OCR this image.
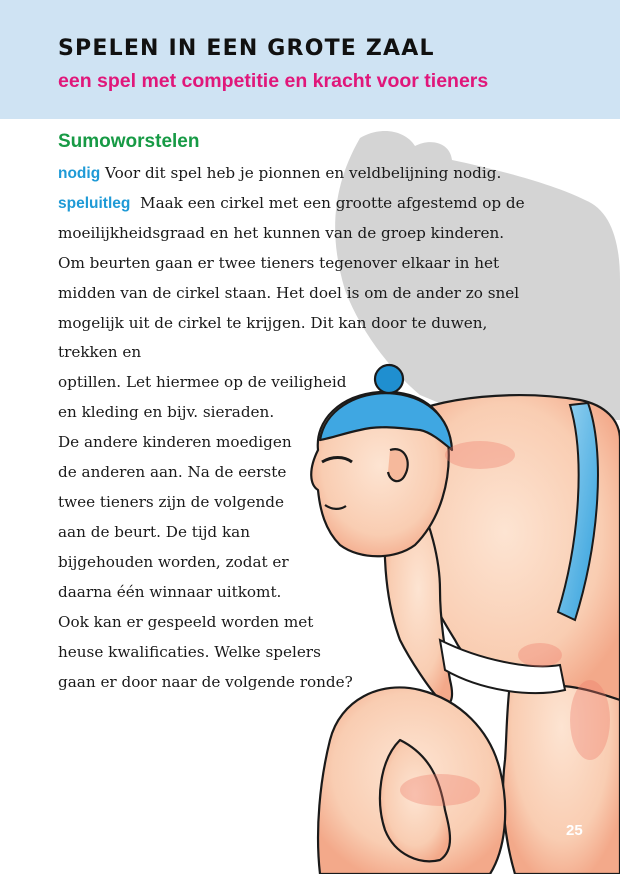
SPELEN IN EEN GROTE ZAAL
een spel met competitie en kracht voor tieners
Sumoworstelen
nodig Voor dit spel heb je pionnen en veldbelijning nodig.
speluitleg  Maak een cirkel met een grootte afgestemd op de
moeilijkheidsgraad en het kunnen van de groep kinderen.
Om beurten gaan er twee tieners tegenover elkaar in het
midden van de cirkel staan. Het doel is om de ander zo snel
mogelijk uit de cirkel te krijgen. Dit kan door te duwen,
trekken en
optillen. Let hiermee op de veiligheid
en kleding en bijv. sieraden.
De andere kinderen moedigen
de anderen aan. Na de eerste
twee tieners zijn de volgende
aan de beurt. De tijd kan
bijgehouden worden, zodat er
daarna één winnaar uitkomt.
Ook kan er gespeeld worden met
heuse kwalificaties. Welke spelers
gaan er door naar de volgende ronde?
25
